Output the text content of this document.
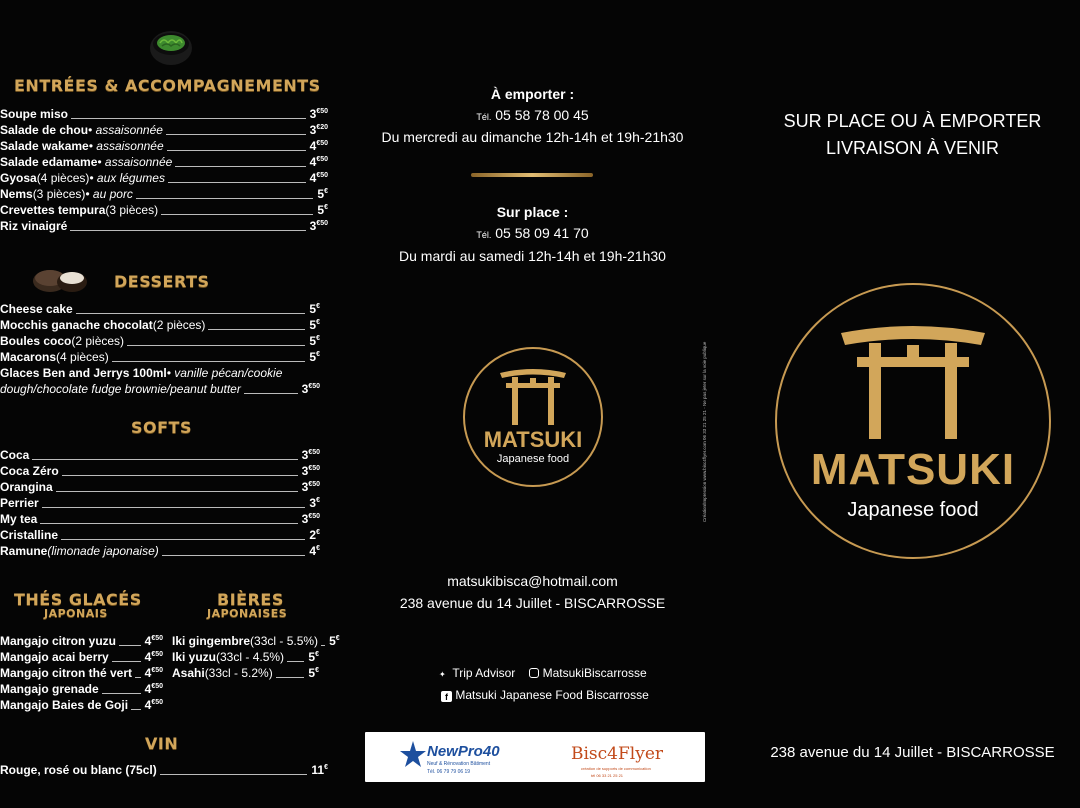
ENTRÉES & ACCOMPAGNEMENTS
Soupe miso	$3^{€50}$
Salade de chou • assaisonnée	$3^{€20}$
Salade wakame • assaisonnée	$4^{€50}$
Salade edamame • assaisonnée	$4^{€50}$
Gyosa (4 pièces) • aux légumes	$4^{€50}$
Nems (3 pièces) • au porc	5€
Crevettes tempura (3 pièces)	5€
Riz vinaigré	$3^{€50}$
DESSERTS
Cheese cake	5€
Mocchis ganache chocolat (2 pièces)	5€
Boules coco (2 pièces)	5€
Macarons (4 pièces)	5€
Glaces Ben and Jerrys 100ml • vanille pécan/cookie
dough/chocolate fudge brownie/peanut butter	$3^{€50}$
SOFTS
Coca	$3^{€50}$
Coca Zéro	$3^{€50}$
Orangina	$3^{€50}$
Perrier	3€
My tea	$3^{€50}$
Cristalline	2€
Ramune (limonade japonaise)	4€
THÉS GLACÉS
JAPONAIS
BIÈRES
JAPONAISES
Mangajo citron yuzu $4^{€50}$
Mangajo acai berry	$4^{€50}$
Mangajo citron thé vert $4^{€50}$
Mangajo grenade	$4^{€50}$
Mangajo Baies de Goji $4^{€50}$
Iki gingembre (33cl - 5.5%) 5€
Iki yuzu (33cl - 4.5%) 5€
Asahi (33cl - 5.2%)	5€
VIN
Rouge, rosé ou blanc (75cl)	11€
À emporter :
Tél. 05 58 78 00 45
Du mercredi au dimanche 12h-14h et 19h-21h30
Sur place :
Tél. 05 58 09 41 70
Du mardi au samedi 12h-14h et 19h-21h30
MATSUKI
Japanese food
matsukibisca@hotmail.com
238 avenue du 14 Juillet - BISCARROSSE
✦ Trip Advisor	MatsukiBiscarrosse
f Matsuki Japanese Food Biscarrosse
NewPro40
Neuf & Rénovation Bâtiment
Tél. 06 79 79 06 19
Bisc4Flyer
création de supports de communication
tél 06 33 21 25 21
Création/Impression www.bisc4flyer.com 06 33 21 25 21 - Ne pas jeter sur la voie publique
SUR PLACE OU À EMPORTER
LIVRAISON À VENIR
MATSUKI
Japanese food
238 avenue du 14 Juillet - BISCARROSSE
